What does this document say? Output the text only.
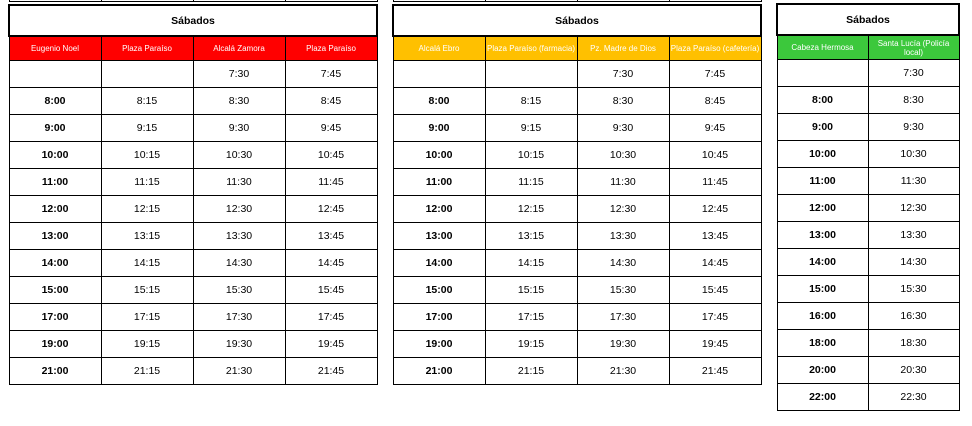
Sábados			
Eugenio Noel	Plaza Paraíso	Alcalá Zamora	Plaza Paraíso
		7:30	7:45
8:00	8:15	8:30	8:45
9:00	9:15	9:30	9:45
10:00	10:15	10:30	10:45
11:00	11:15	11:30	11:45
12:00	12:15	12:30	12:45
13:00	13:15	13:30	13:45
14:00	14:15	14:30	14:45
15:00	15:15	15:30	15:45
17:00	17:15	17:30	17:45
19:00	19:15	19:30	19:45
21:00	21:15	21:30	21:45

Sábados			
Alcalá Ebro	Plaza Paraíso (farmacia)	Pz. Madre de Dios	Plaza Paraíso (cafetería)
		7:30	7:45
8:00	8:15	8:30	8:45
9:00	9:15	9:30	9:45
10:00	10:15	10:30	10:45
11:00	11:15	11:30	11:45
12:00	12:15	12:30	12:45
13:00	13:15	13:30	13:45
14:00	14:15	14:30	14:45
15:00	15:15	15:30	15:45
17:00	17:15	17:30	17:45
19:00	19:15	19:30	19:45
21:00	21:15	21:30	21:45

Sábados	
Cabeza Hermosa	Santa Lucía (Policía local)
	7:30
8:00	8:30
9:00	9:30
10:00	10:30
11:00	11:30
12:00	12:30
13:00	13:30
14:00	14:30
15:00	15:30
16:00	16:30
18:00	18:30
20:00	20:30
22:00	22:30
